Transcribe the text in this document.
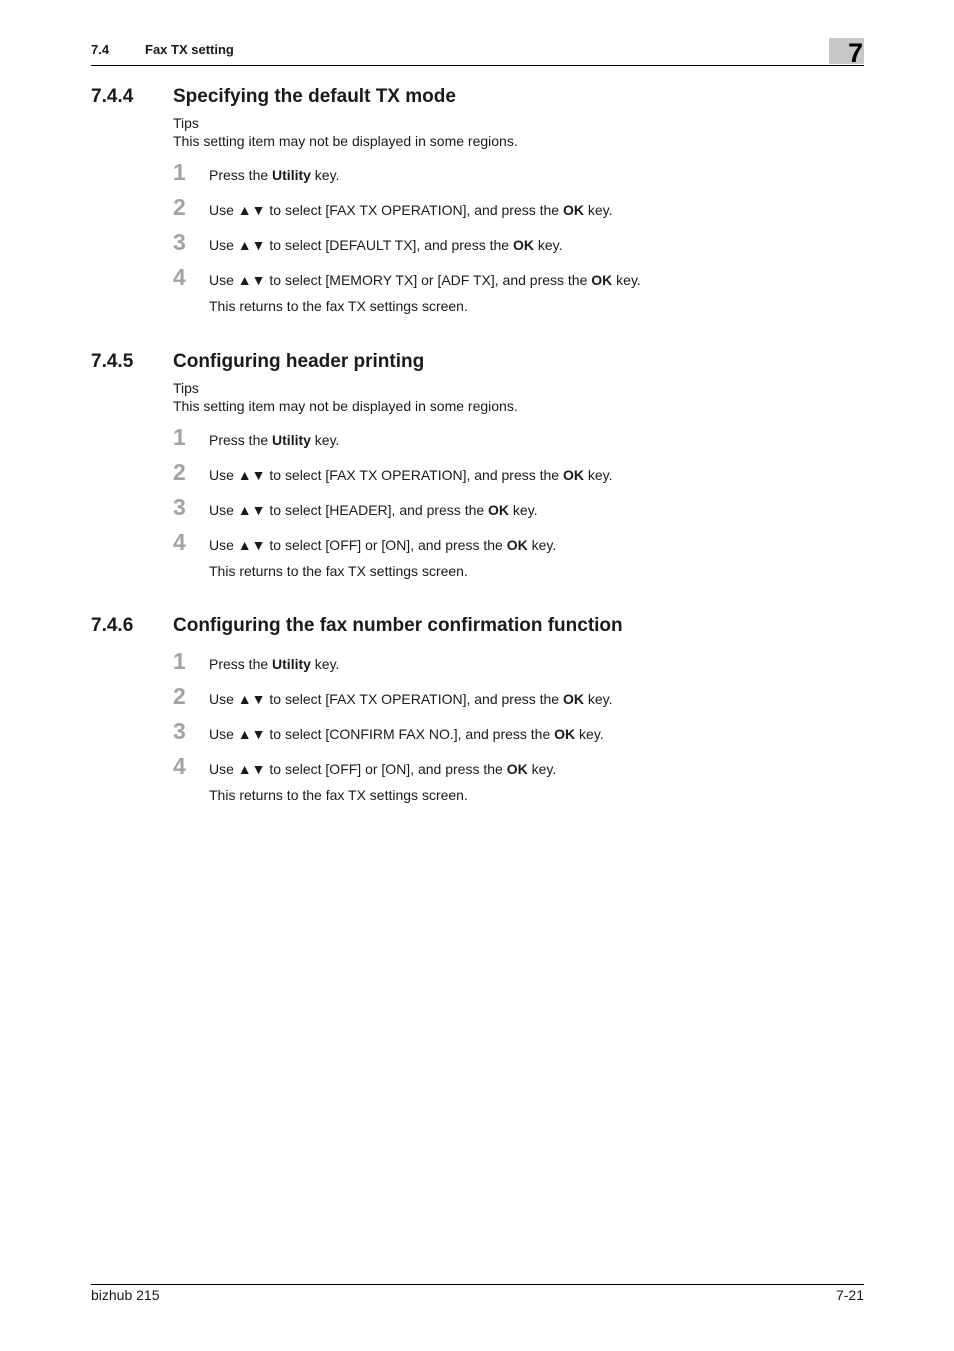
7.4	Fax TX setting	7
7.4.4 Specifying the default TX mode
Tips
This setting item may not be displayed in some regions.
1 Press the Utility key.
2 Use ▲▼ to select [FAX TX OPERATION], and press the OK key.
3 Use ▲▼ to select [DEFAULT TX], and press the OK key.
4 Use ▲▼ to select [MEMORY TX] or [ADF TX], and press the OK key.
This returns to the fax TX settings screen.
7.4.5 Configuring header printing
Tips
This setting item may not be displayed in some regions.
1 Press the Utility key.
2 Use ▲▼ to select [FAX TX OPERATION], and press the OK key.
3 Use ▲▼ to select [HEADER], and press the OK key.
4 Use ▲▼ to select [OFF] or [ON], and press the OK key.
This returns to the fax TX settings screen.
7.4.6 Configuring the fax number confirmation function
1 Press the Utility key.
2 Use ▲▼ to select [FAX TX OPERATION], and press the OK key.
3 Use ▲▼ to select [CONFIRM FAX NO.], and press the OK key.
4 Use ▲▼ to select [OFF] or [ON], and press the OK key.
This returns to the fax TX settings screen.
bizhub 215	7-21
